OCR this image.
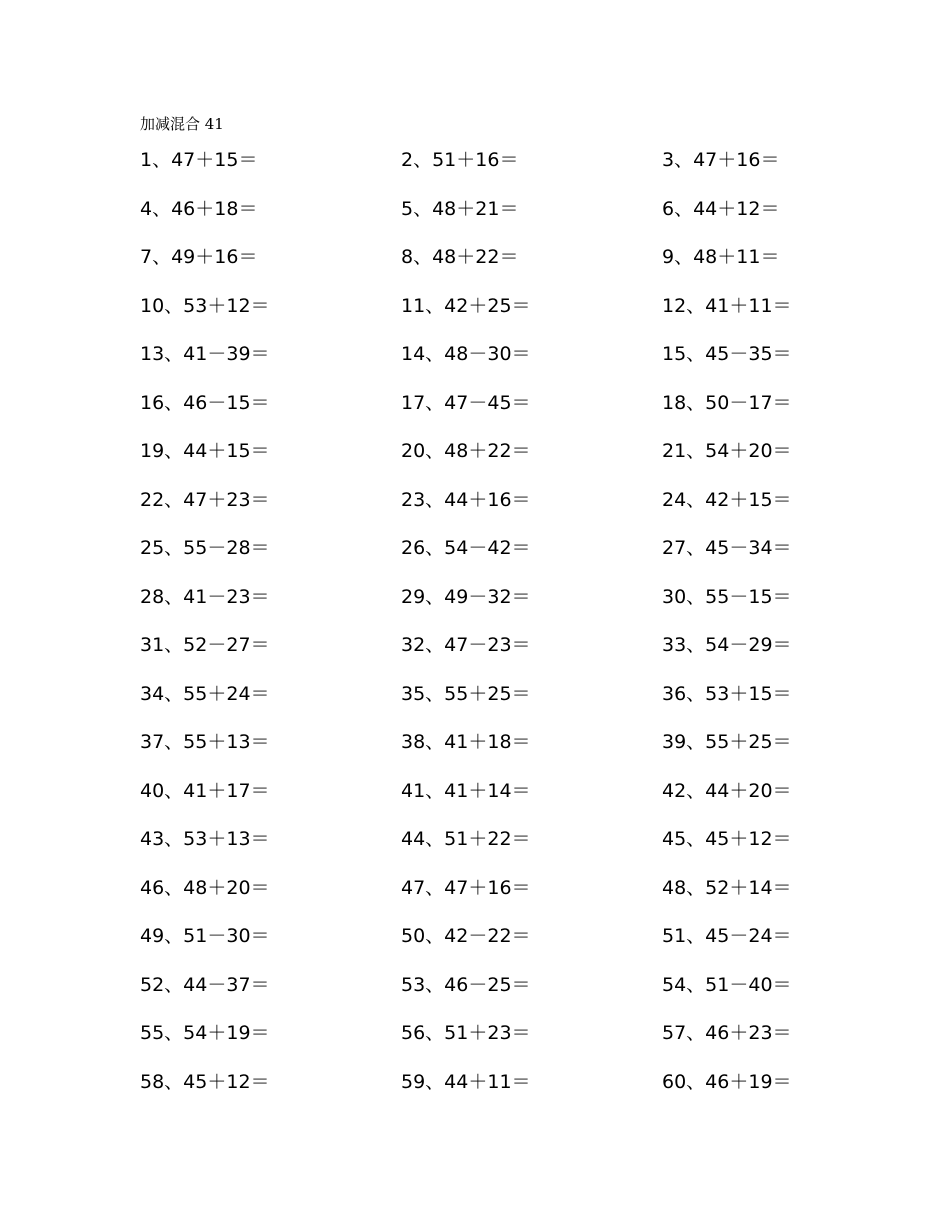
加减混合 41
1、47＋15＝	2、51＋16＝	3、47＋16＝
4、46＋18＝	5、48＋21＝	6、44＋12＝
7、49＋16＝	8、48＋22＝	9、48＋11＝
10、53＋12＝	11、42＋25＝	12、41＋11＝
13、41－39＝	14、48－30＝	15、45－35＝
16、46－15＝	17、47－45＝	18、50－17＝
19、44＋15＝	20、48＋22＝	21、54＋20＝
22、47＋23＝	23、44＋16＝	24、42＋15＝
25、55－28＝	26、54－42＝	27、45－34＝
28、41－23＝	29、49－32＝	30、55－15＝
31、52－27＝	32、47－23＝	33、54－29＝
34、55＋24＝	35、55＋25＝	36、53＋15＝
37、55＋13＝	38、41＋18＝	39、55＋25＝
40、41＋17＝	41、41＋14＝	42、44＋20＝
43、53＋13＝	44、51＋22＝	45、45＋12＝
46、48＋20＝	47、47＋16＝	48、52＋14＝
49、51－30＝	50、42－22＝	51、45－24＝
52、44－37＝	53、46－25＝	54、51－40＝
55、54＋19＝	56、51＋23＝	57、46＋23＝
58、45＋12＝	59、44＋11＝	60、46＋19＝
